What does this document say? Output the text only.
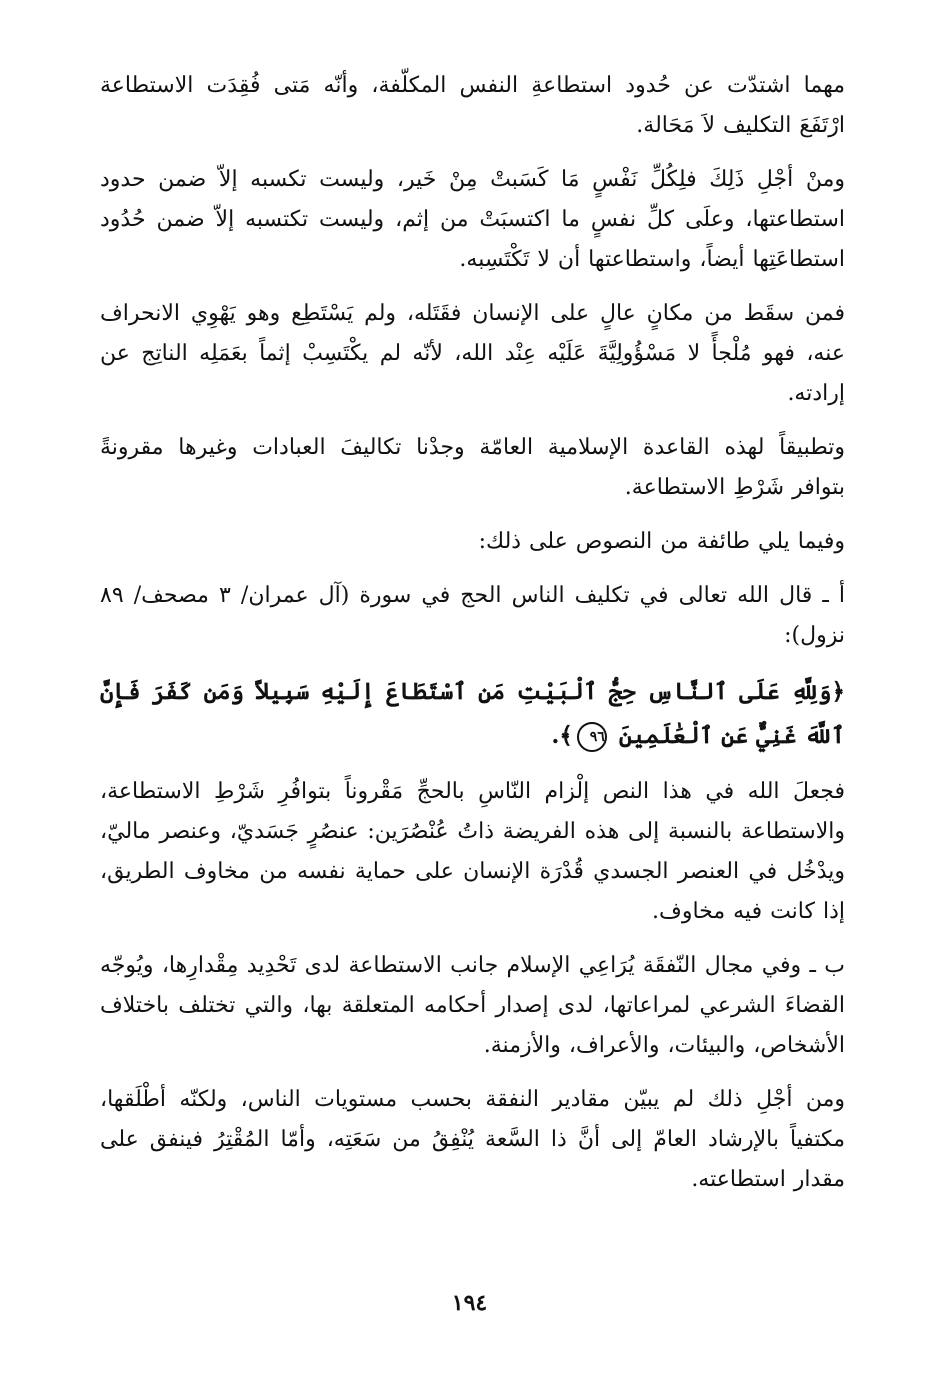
مهما اشتدّت عن حُدود استطاعةِ النفس المكلّفة، وأنّه مَتى فُقِدَت الاستطاعة ارْتَفَعَ التكليف لاَ مَحَالة.

ومنْ أجْلِ ذَلِكَ فلِكُلِّ نَفْسٍ مَا كَسَبتْ مِنْ خَير، وليست تكسبه إلاّ ضمن حدود استطاعتها، وعلَى كلِّ نفسٍ ما اكتسبَتْ من إثم، وليست تكتسبه إلاّ ضمن حُدُود استطاعَتِها أيضاً، واستطاعتها أن لا تَكْتَسِبه.

فمن سقَط من مكانٍ عالٍ على الإنسان فقَتَله، ولم يَسْتَطِع وهو يَهْوِي الانحراف عنه، فهو مُلْجأً لا مَسْؤُولِيَّةَ عَلَيْه عِنْد الله، لأنّه لم يكْتَسِبْ إثماً بعَمَلِه الناتِج عن إرادته.

وتطبيقاً لهذه القاعدة الإسلامية العامّة وجدْنا تكاليفَ العبادات وغيرها مقرونةً بتوافر شَرْطِ الاستطاعة.

وفيما يلي طائفة من النصوص على ذلك:

أ ـ قال الله تعالى في تكليف الناس الحج في سورة (آل عمران/ ٣ مصحف/ ٨٩ نزول):

﴿وَلِلَّهِ عَلَى ٱلنَّاسِ حِجُّ ٱلْبَيْتِ مَنِ ٱسْتَطَاعَ إِلَيْهِ سَبِيلاً وَمَن كَفَرَ فَإِنَّ ٱللَّهَ غَنِيٌّ عَنِ ٱلْعَٰلَمِينَ ٩٦﴾.

فجعلَ الله في هذا النص إلْزام النّاسِ بالحجِّ مَقْروناً بتوافُرِ شَرْطِ الاستطاعة، والاستطاعة بالنسبة إلى هذه الفريضة ذاتُ عُنْصُرَين: عنصُرٍ جَسَديّ، وعنصر ماليّ، ويدْخُل في العنصر الجسدي قُدْرَة الإنسان على حماية نفسه من مخاوف الطريق، إذا كانت فيه مخاوف.

ب ـ وفي مجال النّفقَة يُرَاعِي الإسلام جانب الاستطاعة لدى تَحْدِيد مِقْدارِها، ويُوجّه القضاءَ الشرعي لمراعاتها، لدى إصدار أحكامه المتعلقة بها، والتي تختلف باختلاف الأشخاص، والبيئات، والأعراف، والأزمنة.

ومن أجْلِ ذلك لم يبيّن مقادير النفقة بحسب مستويات الناس، ولكنّه أطْلَقها، مكتفياً بالإرشاد العامّ إلى أنَّ ذا السَّعة يُنْفِقُ من سَعَتِه، وأمّا المُقْتِرُ فينفق على مقدار استطاعته.

١٩٤
